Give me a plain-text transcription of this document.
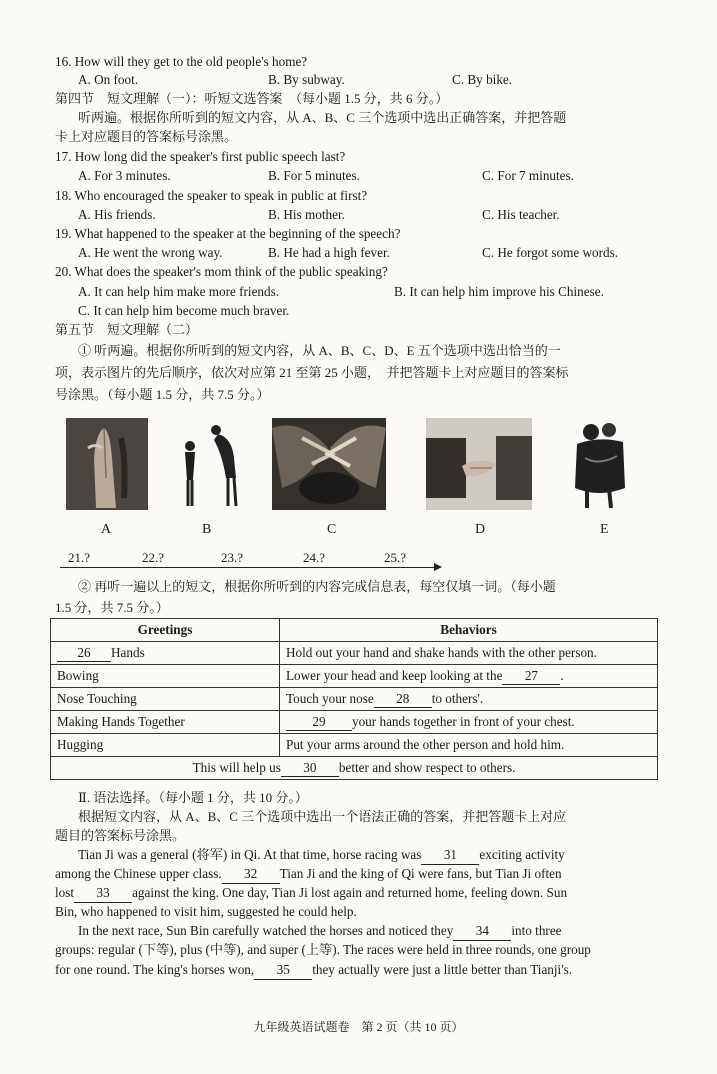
16. How will they get to the old people's home?
A. On foot.	B. By subway.	C. By bike.
第四节　短文理解（一）：听短文选答案　（每小题 1.5 分，共 6 分。）
听两遍。根据你所听到的短文内容，从 A、B、C 三个选项中选出正确答案，并把答题
卡上对应题目的答案标号涂黑。
17. How long did the speaker's first public speech last?
A. For 3 minutes.	B. For 5 minutes.	C. For 7 minutes.
18. Who encouraged the speaker to speak in public at first?
A. His friends.	B. His mother.	C. His teacher.
19. What happened to the speaker at the beginning of the speech?
A. He went the wrong way.	B. He had a high fever.	C. He forgot some words.
20. What does the speaker's mom think of the public speaking?
A. It can help him make more friends.	B. It can help him improve his Chinese.
C. It can help him become much braver.
第五节　短文理解（二）
① 听两遍。根据你所听到的短文内容，从 A、B、C、D、E 五个选项中选出恰当的一
项，表示图片的先后顺序，依次对应第 21 至第 25 小题，　并把答题卡上对应题目的答案标
号涂黑。（每小题 1.5 分，共 7.5 分。）
A	B	C	D	E
21.?	22.?	23.?	24.?	25.?
② 再听一遍以上的短文，根据你所听到的内容完成信息表，每空仅填一词。（每小题
1.5 分，共 7.5 分。）
Greetings	Behaviors
26 Hands	Hold out your hand and shake hands with the other person.
Bowing	Lower your head and keep looking at the 27 .
Nose Touching	Touch your nose 28 to others'.
Making Hands Together	29 your hands together in front of your chest.
Hugging	Put your arms around the other person and hold him.
This will help us 30 better and show respect to others.	
Ⅱ. 语法选择。（每小题 1 分，共 10 分。）
根据短文内容，从 A、B、C 三个选项中选出一个语法正确的答案，并把答题卡上对应
题目的答案标号涂黑。
Tian Ji was a general (将军) in Qi. At that time, horse racing was 31 exciting activity
among the Chinese upper class. 32 Tian Ji and the king of Qi were fans, but Tian Ji often
lost 33 against the king. One day, Tian Ji lost again and returned home, feeling down. Sun
Bin, who happened to visit him, suggested he could help.
In the next race, Sun Bin carefully watched the horses and noticed they 34 into three
groups: regular (下等), plus (中等), and super (上等). The races were held in three rounds, one group
for one round. The king's horses won, 35 they actually were just a little better than Tianji's.
九年级英语试题卷　第 2 页（共 10 页）
